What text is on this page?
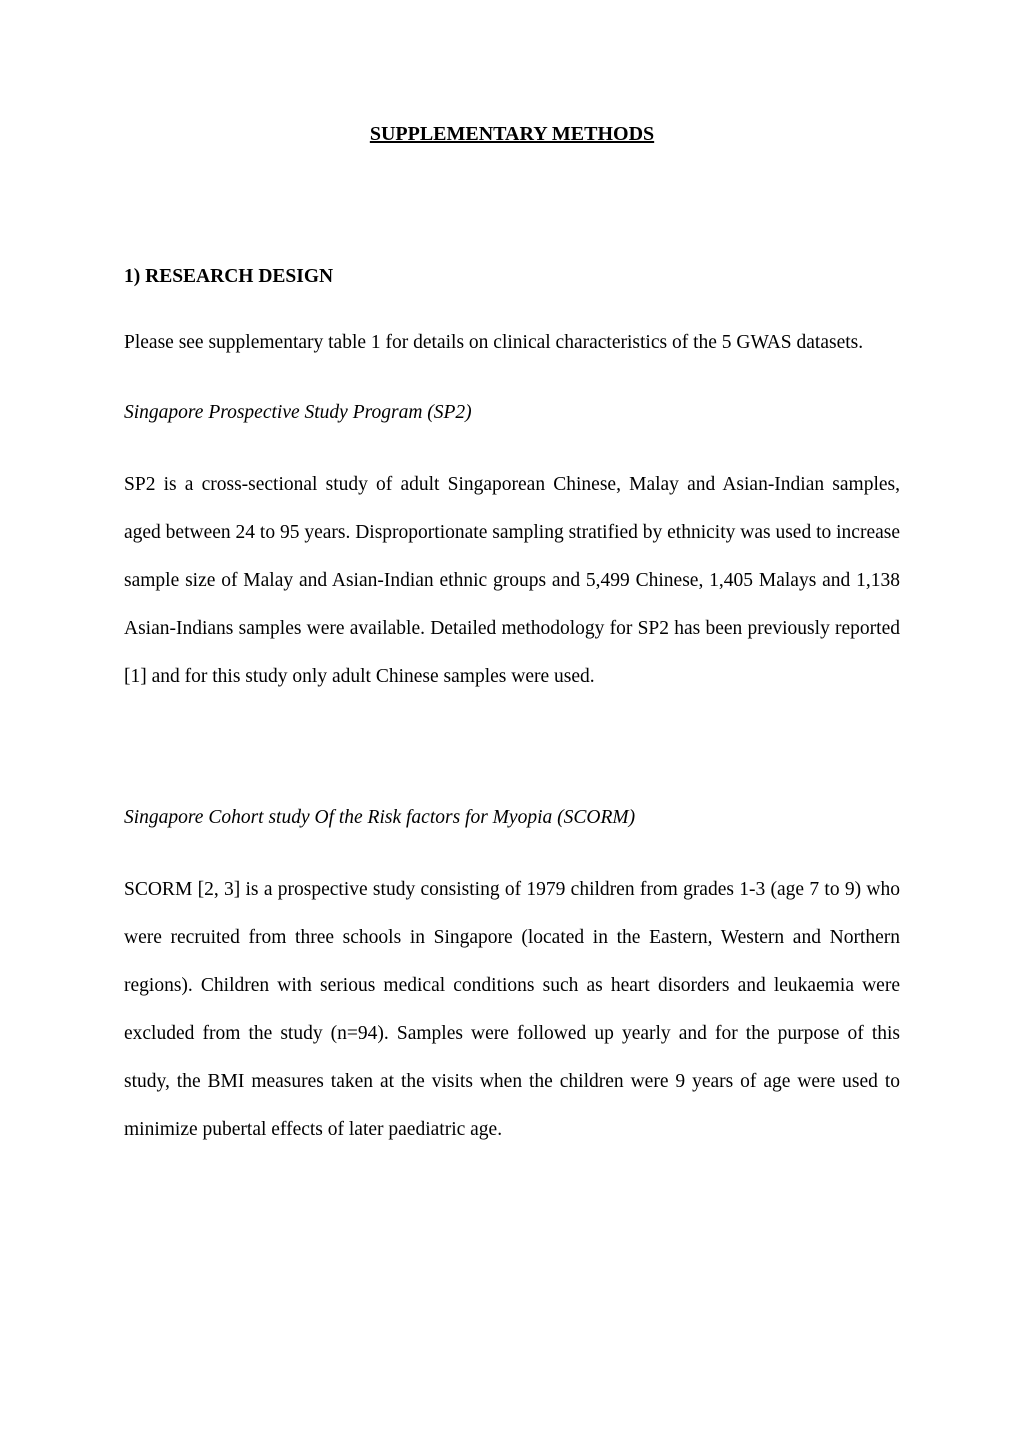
SUPPLEMENTARY METHODS
1) RESEARCH DESIGN

Please see supplementary table 1 for details on clinical characteristics of the 5 GWAS datasets.

Singapore Prospective Study Program (SP2)

SP2 is a cross-sectional study of adult Singaporean Chinese, Malay and Asian-Indian samples, aged between 24 to 95 years. Disproportionate sampling stratified by ethnicity was used to increase sample size of Malay and Asian-Indian ethnic groups and 5,499 Chinese, 1,405 Malays and 1,138 Asian-Indians samples were available. Detailed methodology for SP2 has been previously reported [1] and for this study only adult Chinese samples were used.

Singapore Cohort study Of the Risk factors for Myopia (SCORM)

SCORM [2, 3] is a prospective study consisting of 1979 children from grades 1-3 (age 7 to 9) who were recruited from three schools in Singapore (located in the Eastern, Western and Northern regions). Children with serious medical conditions such as heart disorders and leukaemia were excluded from the study (n=94). Samples were followed up yearly and for the purpose of this study, the BMI measures taken at the visits when the children were 9 years of age were used to minimize pubertal effects of later paediatric age.
